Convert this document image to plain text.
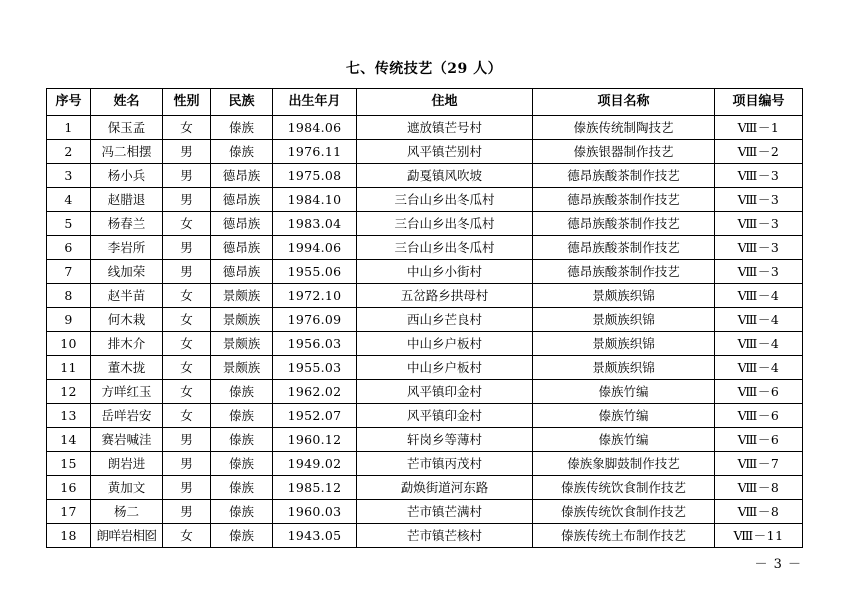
七、传统技艺（29 人）
序号	姓名	性别	民族	出生年月	住地	项目名称	项目编号
1	保玉孟	女	傣族	1984.06	遮放镇芒号村	傣族传统制陶技艺	Ⅷ－1
2	冯二相摆	男	傣族	1976.11	风平镇芒别村	傣族银器制作技艺	Ⅷ－2
3	杨小兵	男	德昂族	1975.08	勐戛镇风吹坡	德昂族酸茶制作技艺	Ⅷ－3
4	赵腊退	男	德昂族	1984.10	三台山乡出冬瓜村	德昂族酸茶制作技艺	Ⅷ－3
5	杨春兰	女	德昂族	1983.04	三台山乡出冬瓜村	德昂族酸茶制作技艺	Ⅷ－3
6	李岩所	男	德昂族	1994.06	三台山乡出冬瓜村	德昂族酸茶制作技艺	Ⅷ－3
7	线加荣	男	德昂族	1955.06	中山乡小街村	德昂族酸茶制作技艺	Ⅷ－3
8	赵半苗	女	景颇族	1972.10	五岔路乡拱母村	景颇族织锦	Ⅷ－4
9	何木栽	女	景颇族	1976.09	西山乡芒良村	景颇族织锦	Ⅷ－4
10	排木介	女	景颇族	1956.03	中山乡户板村	景颇族织锦	Ⅷ－4
11	董木拢	女	景颇族	1955.03	中山乡户板村	景颇族织锦	Ⅷ－4
12	方咩红玉	女	傣族	1962.02	风平镇印金村	傣族竹编	Ⅷ－6
13	岳咩岩安	女	傣族	1952.07	风平镇印金村	傣族竹编	Ⅷ－6
14	赛岩喊洼	男	傣族	1960.12	轩岗乡等薄村	傣族竹编	Ⅷ－6
15	朗岩进	男	傣族	1949.02	芒市镇丙茂村	傣族象脚鼓制作技艺	Ⅷ－7
16	黄加文	男	傣族	1985.12	勐焕街道河东路	傣族传统饮食制作技艺	Ⅷ－8
17	杨二	男	傣族	1960.03	芒市镇芒满村	傣族传统饮食制作技艺	Ⅷ－8
18	朗咩岩相囵	女	傣族	1943.05	芒市镇芒核村	傣族传统土布制作技艺	Ⅷ－11
－ 3 －
